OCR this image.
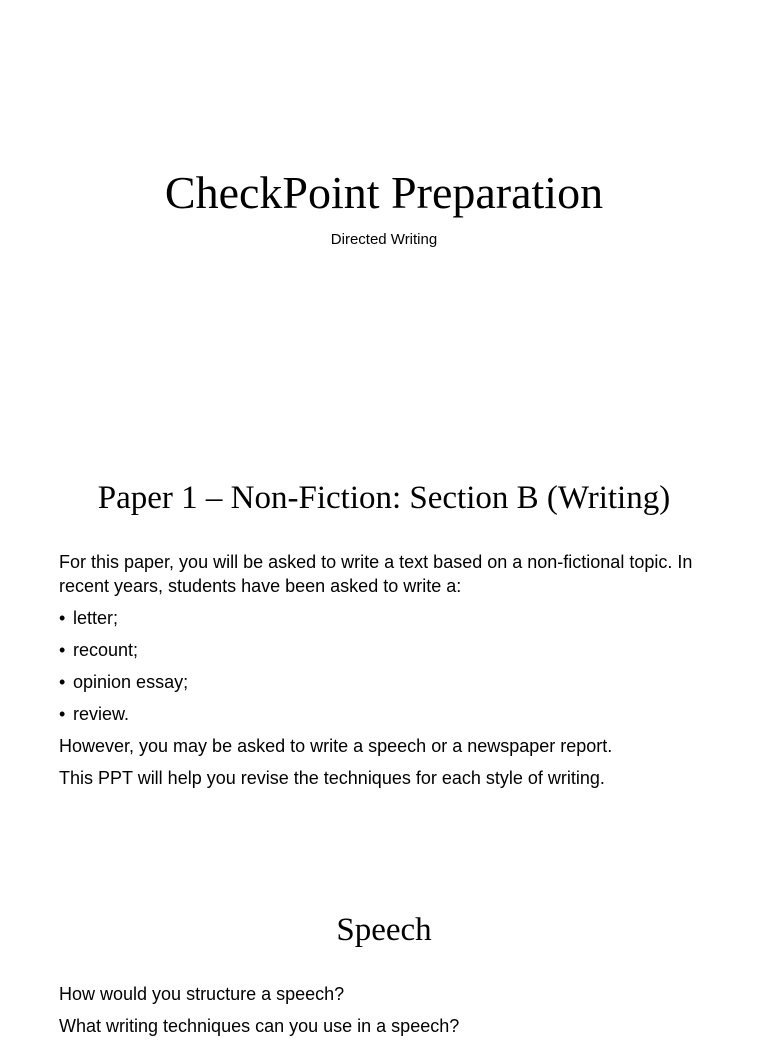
CheckPoint Preparation
Directed Writing
Paper 1 – Non-Fiction: Section B (Writing)

For this paper, you will be asked to write a text based on a non-fictional topic. In recent years, students have been asked to write a:

• letter;
• recount;
• opinion essay;
• review.

However, you may be asked to write a speech or a newspaper report.

This PPT will help you revise the techniques for each style of writing.

Speech

How would you structure a speech?

What writing techniques can you use in a speech?
